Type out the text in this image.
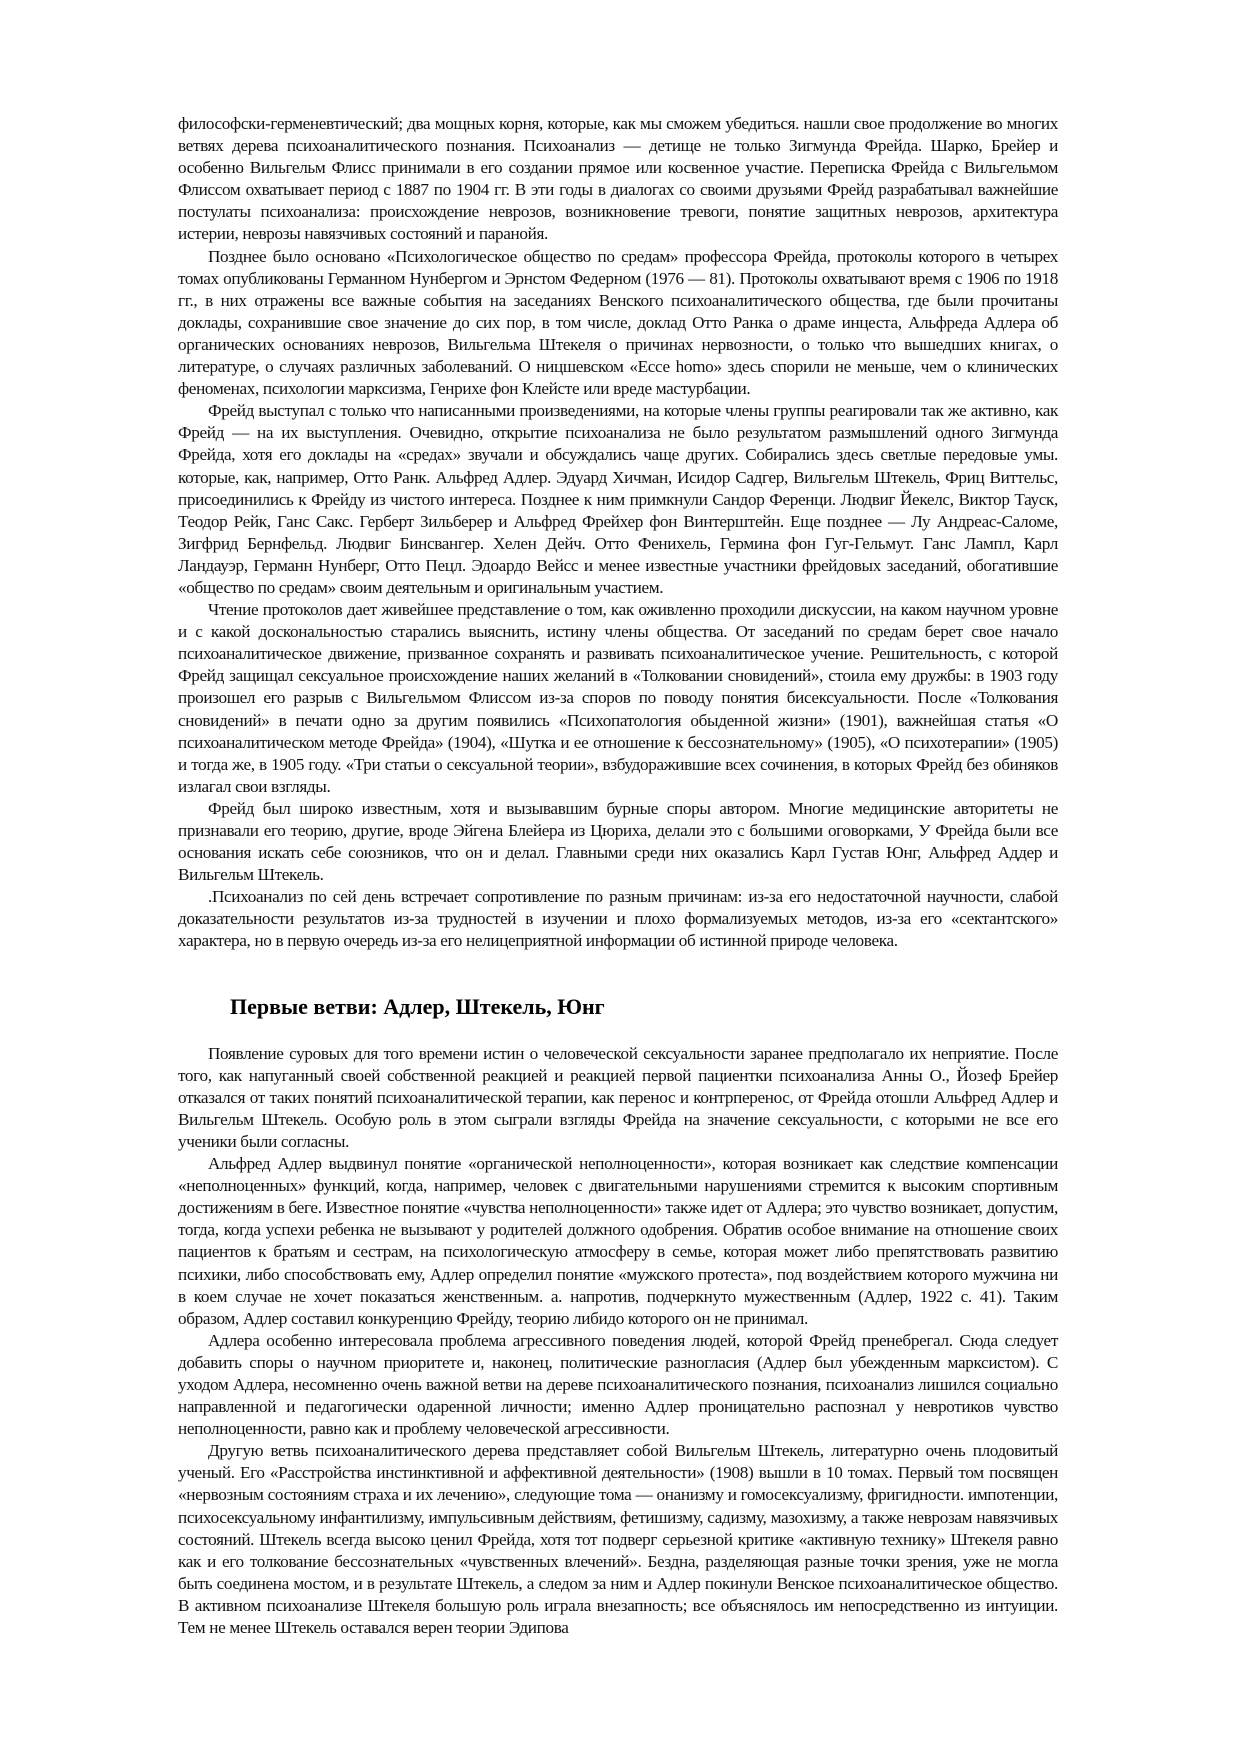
философски-герменевтический; два мощных корня, которые, как мы сможем убедиться. нашли свое продолжение во многих ветвях дерева психоаналитического познания. Психоанализ — детище не только Зигмунда Фрейда. Шарко, Брейер и особенно Вильгельм Флисс принимали в его создании прямое или косвенное участие. Переписка Фрейда с Вильгельмом Флиссом охватывает период с 1887 по 1904 гг. В эти годы в диалогах со своими друзьями Фрейд разрабатывал важнейшие постулаты психоанализа: происхождение неврозов, возникновение тревоги, понятие защитных неврозов, архитектура истерии, неврозы навязчивых состояний и паранойя.

Позднее было основано «Психологическое общество по средам» профессора Фрейда, протоколы которого в четырех томах опубликованы Германном Нунбергом и Эрнстом Федерном (1976 — 81). Протоколы охватывают время с 1906 по 1918 гг., в них отражены все важные события на заседаниях Венского психоаналитического общества, где были прочитаны доклады, сохранившие свое значение до сих пор, в том числе, доклад Отто Ранка о драме инцеста, Альфреда Адлера об органических основаниях неврозов, Вильгельма Штекеля о причинах нервозности, о только что вышедших книгах, о литературе, о случаях различных заболеваний. О ницшевском «Ессе homo» здесь спорили не меньше, чем о клинических феноменах, психологии марксизма, Генрихе фон Клейсте или вреде мастурбации.

Фрейд выступал с только что написанными произведениями, на которые члены группы реагировали так же активно, как Фрейд — на их выступления. Очевидно, открытие психоанализа не было результатом размышлений одного Зигмунда Фрейда, хотя его доклады на «средах» звучали и обсуждались чаще других. Собирались здесь светлые передовые умы. которые, как, например, Отто Ранк. Альфред Адлер. Эдуард Хичман, Исидор Садгер, Вильгельм Штекель, Фриц Виттельс, присоединились к Фрейду из чистого интереса. Позднее к ним примкнули Сандор Ференци. Людвиг Йекелс, Виктор Тауск, Теодор Рейк, Ганс Сакс. Герберт Зильберер и Альфред Фрейхер фон Винтерштейн. Еще позднее — Лу Андреас-Саломе, Зигфрид Бернфельд. Людвиг Бинсвангер. Хелен Дейч. Отто Фенихель, Гермина фон Гуг-Гельмут. Ганс Лампл, Карл Ландауэр, Германн Нунберг, Отто Пецл. Эдоардо Вейсс и менее известные участники фрейдовых заседаний, обогатившие «общество по средам» своим деятельным и оригинальным участием.

Чтение протоколов дает живейшее представление о том, как оживленно проходили дискуссии, на каком научном уровне и с какой доскональностью старались выяснить, истину члены общества. От заседаний по средам берет свое начало психоаналитическое движение, призванное сохранять и развивать психоаналитическое учение. Решительность, с которой Фрейд защищал сексуальное происхождение наших желаний в «Толковании сновидений», стоила ему дружбы: в 1903 году произошел его разрыв с Вильгельмом Флиссом из-за споров по поводу понятия бисексуальности. После «Толкования сновидений» в печати одно за другим появились «Психопатология обыденной жизни» (1901), важнейшая статья «О психоаналитическом методе Фрейда» (1904), «Шутка и ее отношение к бессознательному» (1905), «О психотерапии» (1905) и тогда же, в 1905 году. «Три статьи о сексуальной теории», взбудоражившие всех сочинения, в которых Фрейд без обиняков излагал свои взгляды.

Фрейд был широко известным, хотя и вызывавшим бурные споры автором. Многие медицинские авторитеты не признавали его теорию, другие, вроде Эйгена Блейера из Цюриха, делали это с большими оговорками, У Фрейда были все основания искать себе союзников, что он и делал. Главными среди них оказались Карл Густав Юнг, Альфред Аддер и Вильгельм Штекель.

.Психоанализ по сей день встречает сопротивление по разным причинам: из-за его недостаточной научности, слабой доказательности результатов из-за трудностей в изучении и плохо формализуемых методов, из-за его «сектантского» характера, но в первую очередь из-за его нелицеприятной информации об истинной природе человека.

Первые ветви: Адлер, Штекель, Юнг

Появление суровых для того времени истин о человеческой сексуальности заранее предполагало их неприятие. После того, как напуганный своей собственной реакцией и реакцией первой пациентки психоанализа Анны О., Йозеф Брейер отказался от таких понятий психоаналитической терапии, как перенос и контрперенос, от Фрейда отошли Альфред Адлер и Вильгельм Штекель. Особую роль в этом сыграли взгляды Фрейда на значение сексуальности, с которыми не все его ученики были согласны.

Альфред Адлер выдвинул понятие «органической неполноценности», которая возникает как следствие компенсации «неполноценных» функций, когда, например, человек с двигательными нарушениями стремится к высоким спортивным достижениям в беге. Известное понятие «чувства неполноценности» также идет от Адлера; это чувство возникает, допустим, тогда, когда успехи ребенка не вызывают у родителей должного одобрения. Обратив особое внимание на отношение своих пациентов к братьям и сестрам, на психологическую атмосферу в семье, которая может либо препятствовать развитию психики, либо способствовать ему, Адлер определил понятие «мужского протеста», под воздействием которого мужчина ни в коем случае не хочет показаться женственным. а. напротив, подчеркнуто мужественным (Адлер, 1922 с. 41). Таким образом, Адлер составил конкуренцию Фрейду, теорию либидо которого он не принимал.

Адлера особенно интересовала проблема агрессивного поведения людей, которой Фрейд пренебрегал. Сюда следует добавить споры о научном приоритете и, наконец, политические разногласия (Адлер был убежденным марксистом). С уходом Адлера, несомненно очень важной ветви на дереве психоаналитического познания, психоанализ лишился социально направленной и педагогически одаренной личности; именно Адлер проницательно распознал у невротиков чувство неполноценности, равно как и проблему человеческой агрессивности.

Другую ветвь психоаналитического дерева представляет собой Вильгельм Штекель, литературно очень плодовитый ученый. Его «Расстройства инстинктивной и аффективной деятельности» (1908) вышли в 10 томах. Первый том посвящен «нервозным состояниям страха и их лечению», следующие тома — онанизму и гомосексуализму, фригидности. импотенции, психосексуальному инфантилизму, импульсивным действиям, фетишизму, садизму, мазохизму, а также неврозам навязчивых состояний. Штекель всегда высоко ценил Фрейда, хотя тот подверг серьезной критике «активную технику» Штекеля равно как и его толкование бессознательных «чувственных влечений». Бездна, разделяющая разные точки зрения, уже не могла быть соединена мостом, и в результате Штекель, а следом за ним и Адлер покинули Венское психоаналитическое общество. В активном психоанализе Штекеля большую роль играла внезапность; все объяснялось им непосредственно из интуиции. Тем не менее Штекель оставался верен теории Эдипова
